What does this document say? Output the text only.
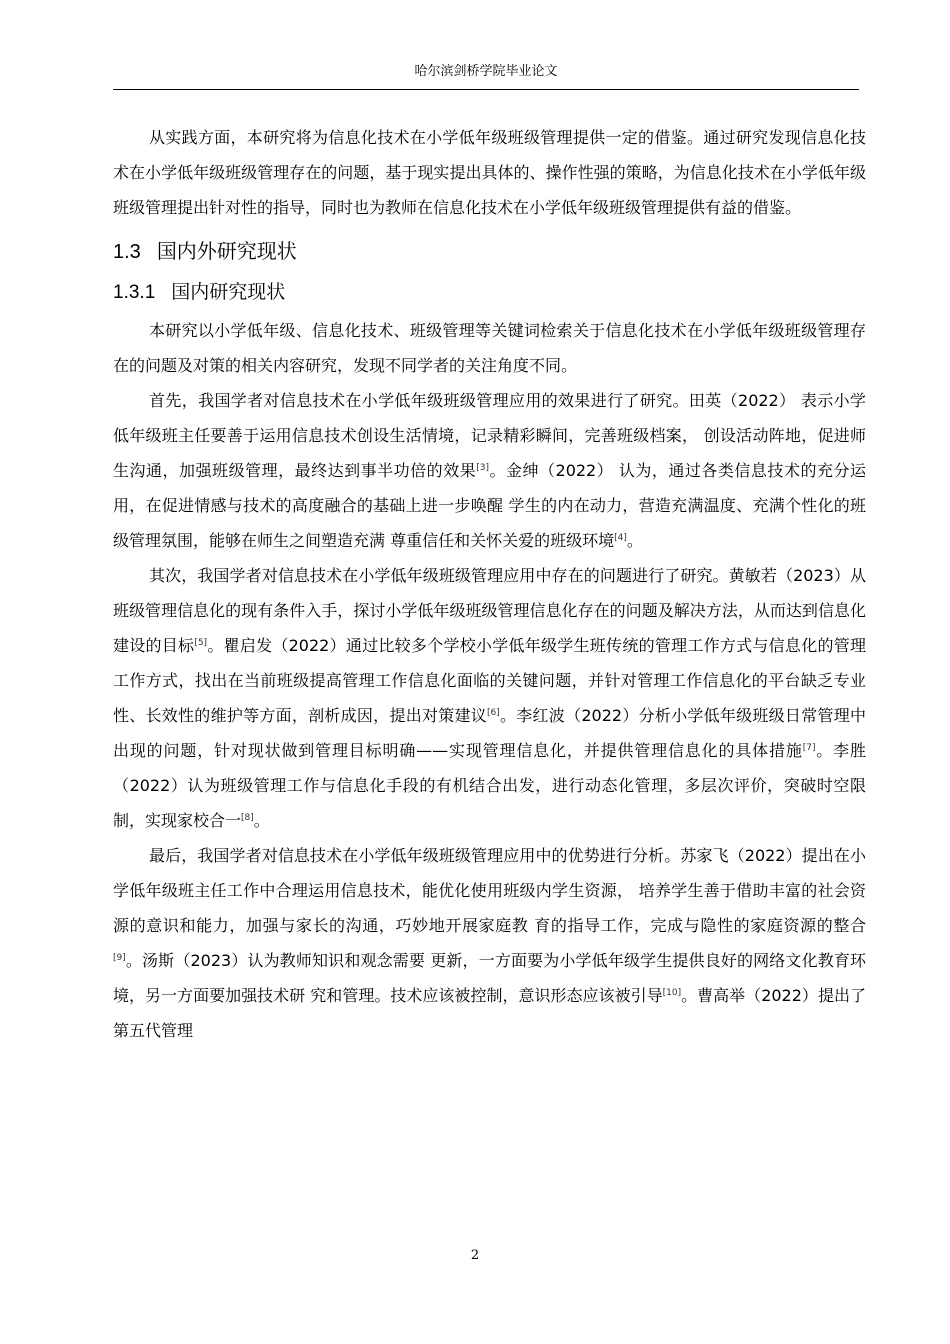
哈尔滨剑桥学院毕业论文

从实践方面，本研究将为信息化技术在小学低年级班级管理提供一定的借鉴。通过研究发现信息化技术在小学低年级班级管理存在的问题，基于现实提出具体的、操作性强的策略，为信息化技术在小学低年级班级管理提出针对性的指导，同时也为教师在信息化技术在小学低年级班级管理提供有益的借鉴。

1.3 国内外研究现状
1.3.1 国内研究现状

本研究以小学低年级、信息化技术、班级管理等关键词检索关于信息化技术在小学低年级班级管理存在的问题及对策的相关内容研究，发现不同学者的关注角度不同。

首先，我国学者对信息技术在小学低年级班级管理应用的效果进行了研究。田英（2022） 表示小学低年级班主任要善于运用信息技术创设生活情境，记录精彩瞬间，完善班级档案， 创设活动阵地，促进师生沟通，加强班级管理，最终达到事半功倍的效果[3]。金绅（2022） 认为，通过各类信息技术的充分运用，在促进情感与技术的高度融合的基础上进一步唤醒 学生的内在动力，营造充满温度、充满个性化的班级管理氛围，能够在师生之间塑造充满 尊重信任和关怀关爱的班级环境[4]。

其次，我国学者对信息技术在小学低年级班级管理应用中存在的问题进行了研究。黄敏若（2023）从班级管理信息化的现有条件入手，探讨小学低年级班级管理信息化存在的问题及解决方法，从而达到信息化建设的目标[5]。瞿启发（2022）通过比较多个学校小学低年级学生班传统的管理工作方式与信息化的管理工作方式，找出在当前班级提高管理工作信息化面临的关键问题，并针对管理工作信息化的平台缺乏专业性、长效性的维护等方面，剖析成因，提出对策建议[6]。李红波（2022）分析小学低年级班级日常管理中出现的问题，针对现状做到管理目标明确——实现管理信息化，并提供管理信息化的具体措施[7]。李胜（2022）认为班级管理工作与信息化手段的有机结合出发，进行动态化管理，多层次评价，突破时空限制，实现家校合一[8]。

最后，我国学者对信息技术在小学低年级班级管理应用中的优势进行分析。苏家飞（2022）提出在小学低年级班主任工作中合理运用信息技术，能优化使用班级内学生资源， 培养学生善于借助丰富的社会资源的意识和能力，加强与家长的沟通，巧妙地开展家庭教 育的指导工作，完成与隐性的家庭资源的整合[9]。汤斯（2023）认为教师知识和观念需要 更新，一方面要为小学低年级学生提供良好的网络文化教育环境，另一方面要加强技术研 究和管理。技术应该被控制，意识形态应该被引导[10]。曹高举（2022）提出了第五代管理

2
